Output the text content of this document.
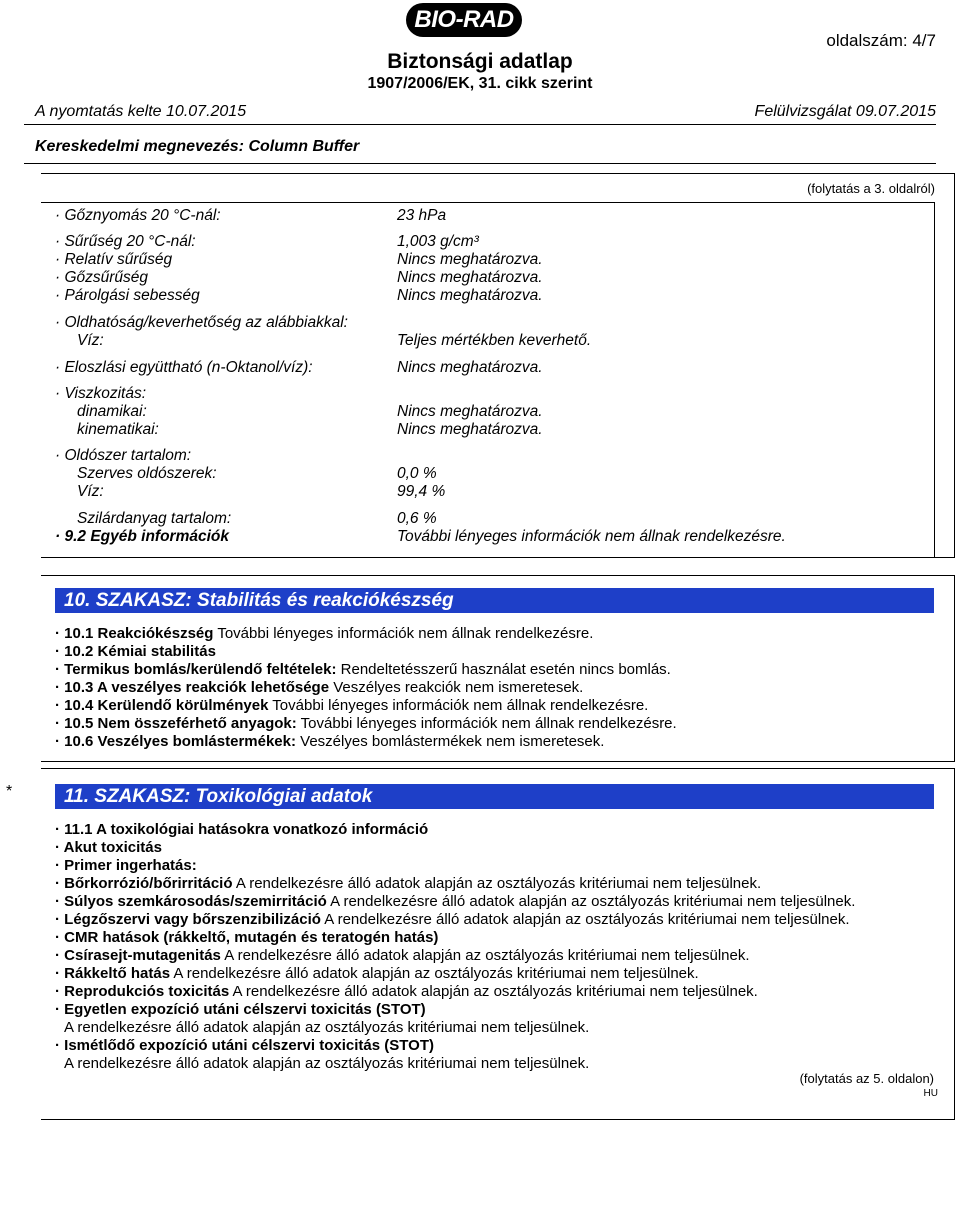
BIO-RAD
oldalszám: 4/7
Biztonsági adatlap
1907/2006/EK, 31. cikk szerint
A nyomtatás kelte 10.07.2015	Felülvizsgálat 09.07.2015
Kereskedelmi megnevezés: Column Buffer
(folytatás a 3. oldalról)
· Gőznyomás 20 °C-nál:	23 hPa
· Sűrűség 20 °C-nál:	1,003 g/cm³
· Relatív sűrűség	Nincs meghatározva.
· Gőzsűrűség	Nincs meghatározva.
· Párolgási sebesség	Nincs meghatározva.
· Oldhatóság/keverhetőség az alábbiakkal:
Víz:	Teljes mértékben keverhető.
· Eloszlási együttható (n-Oktanol/víz):	Nincs meghatározva.
· Viszkozitás:
dinamikai:	Nincs meghatározva.
kinematikai:	Nincs meghatározva.
· Oldószer tartalom:
Szerves oldószerek:	0,0 %
Víz:	99,4 %
Szilárdanyag tartalom:	0,6 %
· 9.2 Egyéb információk	További lényeges információk nem állnak rendelkezésre.
10. SZAKASZ: Stabilitás és reakciókészség
· 10.1 Reakciókészség További lényeges információk nem állnak rendelkezésre.
· 10.2 Kémiai stabilitás
· Termikus bomlás/kerülendő feltételek: Rendeltetésszerű használat esetén nincs bomlás.
· 10.3 A veszélyes reakciók lehetősége Veszélyes reakciók nem ismeretesek.
· 10.4 Kerülendő körülmények További lényeges információk nem állnak rendelkezésre.
· 10.5 Nem összeférhető anyagok: További lényeges információk nem állnak rendelkezésre.
· 10.6 Veszélyes bomlástermékek: Veszélyes bomlástermékek nem ismeretesek.
*	11. SZAKASZ: Toxikológiai adatok
· 11.1 A toxikológiai hatásokra vonatkozó információ
· Akut toxicitás
· Primer ingerhatás:
· Bőrkorrózió/bőrirritáció A rendelkezésre álló adatok alapján az osztályozás kritériumai nem teljesülnek.
· Súlyos szemkárosodás/szemirritáció A rendelkezésre álló adatok alapján az osztályozás kritériumai nem teljesülnek.
· Légzőszervi vagy bőrszenzibilizáció A rendelkezésre álló adatok alapján az osztályozás kritériumai nem teljesülnek.
· CMR hatások (rákkeltő, mutagén és teratogén hatás)
· Csírasejt-mutagenitás A rendelkezésre álló adatok alapján az osztályozás kritériumai nem teljesülnek.
· Rákkeltő hatás A rendelkezésre álló adatok alapján az osztályozás kritériumai nem teljesülnek.
· Reprodukciós toxicitás A rendelkezésre álló adatok alapján az osztályozás kritériumai nem teljesülnek.
· Egyetlen expozíció utáni célszervi toxicitás (STOT)
A rendelkezésre álló adatok alapján az osztályozás kritériumai nem teljesülnek.
· Ismétlődő expozíció utáni célszervi toxicitás (STOT)
A rendelkezésre álló adatok alapján az osztályozás kritériumai nem teljesülnek.
(folytatás az 5. oldalon)
HU
